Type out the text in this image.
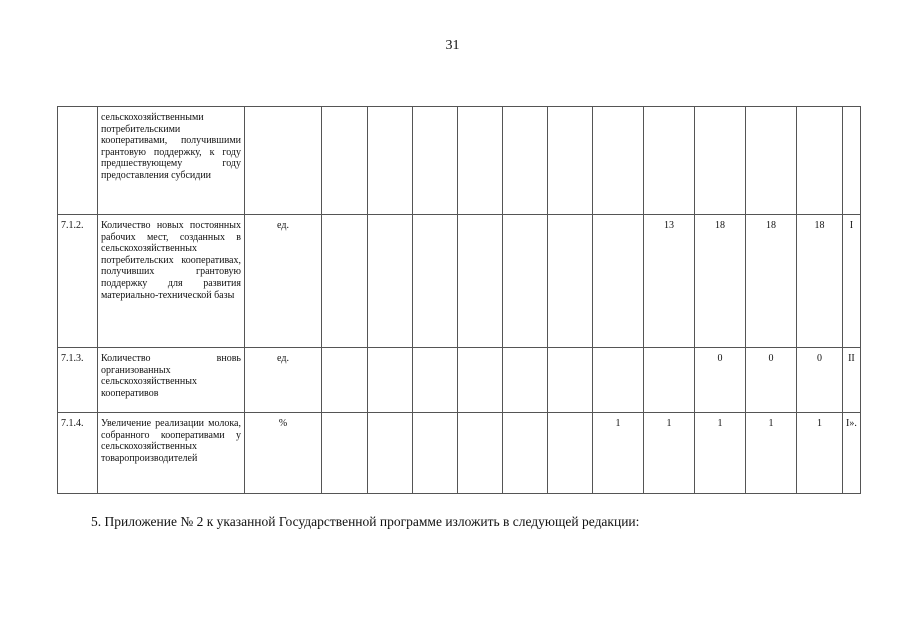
31
	сельскохозяйственными потребительскими кооперативами, получившими грантовую поддержку, к году предшествующему году предоставления субсидии													
7.1.2.	Количество новых постоянных рабочих мест, созданных в сельскохозяйственных потребительских кооперативах, получивших грантовую поддержку для развития материально-технической базы	ед.								13	18	18	18	I
7.1.3.	Количество вновь организованных сельскохозяйственных кооперативов	ед.									0	0	0	II
7.1.4.	Увеличение реализации молока, собранного кооперативами у сельскохозяйственных товаропроизводителей	%							1	1	1	1	1	I».
5. Приложение № 2 к указанной Государственной программе изложить в следующей редакции:
